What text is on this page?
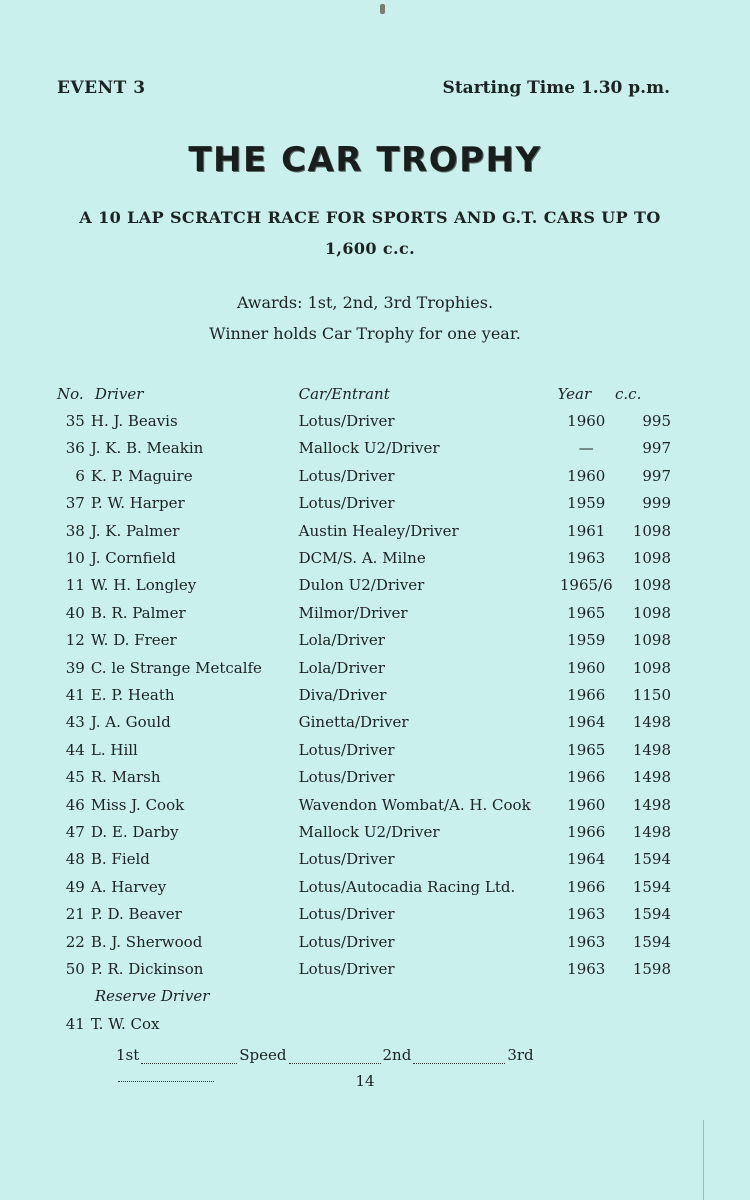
EVENT 3	Starting Time 1.30 p.m.
THE CAR TROPHY
A 10 LAP SCRATCH RACE FOR SPORTS AND G.T. CARS UP TO
1,600 c.c.
Awards: 1st, 2nd, 3rd Trophies.
Winner holds Car Trophy for one year.
No.	Driver	Car/Entrant	Year	c.c.
35	H. J. Beavis	Lotus/Driver	1960	995
36	J. K. B. Meakin	Mallock U2/Driver	—	997
6	K. P. Maguire	Lotus/Driver	1960	997
37	P. W. Harper	Lotus/Driver	1959	999
38	J. K. Palmer	Austin Healey/Driver	1961	1098
10	J. Cornfield	DCM/S. A. Milne	1963	1098
11	W. H. Longley	Dulon U2/Driver	1965/6	1098
40	B. R. Palmer	Milmor/Driver	1965	1098
12	W. D. Freer	Lola/Driver	1959	1098
39	C. le Strange Metcalfe	Lola/Driver	1960	1098
41	E. P. Heath	Diva/Driver	1966	1150
43	J. A. Gould	Ginetta/Driver	1964	1498
44	L. Hill	Lotus/Driver	1965	1498
45	R. Marsh	Lotus/Driver	1966	1498
46	Miss J. Cook	Wavendon Wombat/A. H. Cook	1960	1498
47	D. E. Darby	Mallock U2/Driver	1966	1498
48	B. Field	Lotus/Driver	1964	1594
49	A. Harvey	Lotus/Autocadia Racing Ltd.	1966	1594
21	P. D. Beaver	Lotus/Driver	1963	1594
22	B. J. Sherwood	Lotus/Driver	1963	1594
50	P. R. Dickinson	Lotus/Driver	1963	1598
	Reserve Driver			
41	T. W. Cox			
1st	Speed	2nd	3rd
14
